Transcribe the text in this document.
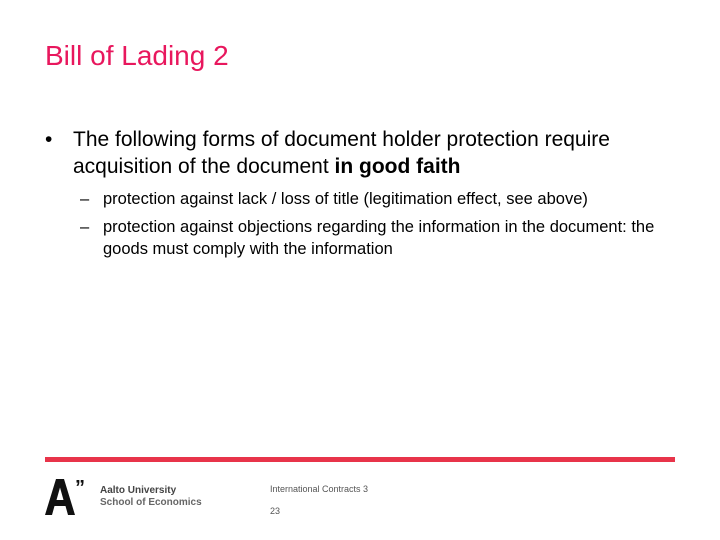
Bill of Lading 2
• The following forms of document holder protection require acquisition of the document in good faith
– protection against lack / loss of title (legitimation effect, see above)
– protection against objections regarding the information in the document: the goods must comply with the information
” Aalto University
School of Economics
International Contracts 3
23
